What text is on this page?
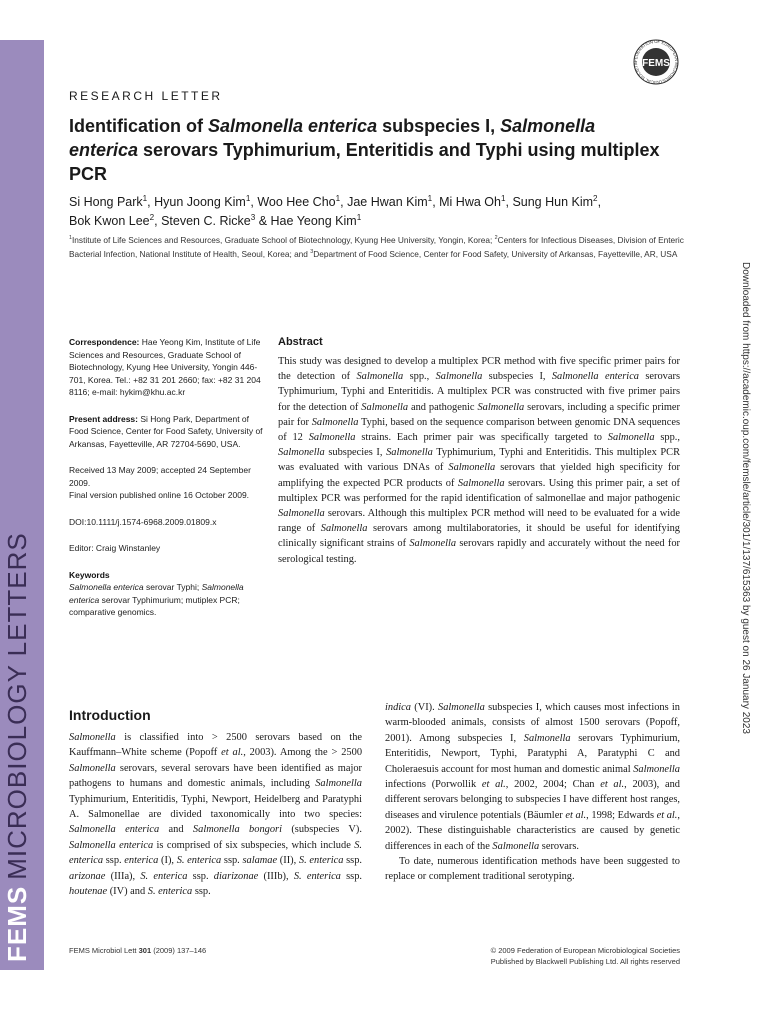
FEMSMICROBIOLOGY LETTERS
FEDERATION OF EUROPEAN MICROBIOLOGICAL SOCIETIE FEMS
RESEARCH LETTER
Identification of Salmonella enterica subspecies I, Salmonella enterica serovars Typhimurium, Enteritidis and Typhi using multiplex PCR
Si Hong Park$^1$, Hyun Joong Kim$^1$, Woo Hee Cho$^1$, Jae Hwan Kim$^1$, Mi Hwa Oh$^1$, Sung Hun Kim$^2$,
Bok Kwon Lee$^2$, Steven C. Ricke$^3$ & Hae Yeong Kim$^1$
$^1$Institute of Life Sciences and Resources, Graduate School of Biotechnology, Kyung Hee University, Yongin, Korea; $^2$Centers for Infectious Diseases, Division of Enteric Bacterial Infection, National Institute of Health, Seoul, Korea; and $^3$Department of Food Science, Center for Food Safety, University of Arkansas, Fayetteville, AR, USA
Downloaded from https://academic.oup.com/femsle/article/301/1/137/615363 by guest on 26 January 2023

Correspondence: Hae Yeong Kim, Institute of Life Sciences and Resources, Graduate School of Biotechnology, Kyung Hee University, Yongin 446-701, Korea. Tel.: +82 31 201 2660; fax: +82 31 204 8116; e-mail: hykim@khu.ac.kr

Present address: Si Hong Park, Department of Food Science, Center for Food Safety, University of Arkansas, Fayetteville, AR 72704-5690, USA.

Received 13 May 2009; accepted 24 September 2009.
Final version published online 16 October 2009.

DOI:10.1111/j.1574-6968.2009.01809.x

Editor: Craig Winstanley

Keywords
Salmonella enterica serovar Typhi; Salmonella enterica serovar Typhimurium; mutiplex PCR; comparative genomics.

Abstract
This study was designed to develop a multiplex PCR method with five specific primer pairs for the detection of Salmonella spp., Salmonella subspecies I, Salmonella enterica serovars Typhimurium, Typhi and Enteritidis. A multiplex PCR was constructed with five primer pairs for the detection of Salmonella and pathogenic Salmonella serovars, including a specific primer pair for Salmonella Typhi, based on the sequence comparison between genomic DNA sequences of 12 Salmonella strains. Each primer pair was specifically targeted to Salmonella spp., Salmonella subspecies I, Salmonella Typhimurium, Typhi and Enteritidis. This multiplex PCR was evaluated with various DNAs of Salmonella serovars that yielded high specificity for amplifying the expected PCR products of Salmonella serovars. Using this primer pair, a set of multiplex PCR was performed for the rapid identification of salmonellae and major pathogenic Salmonella serovars. Although this multiplex PCR method will need to be evaluated for a wide range of Salmonella serovars among multilaboratories, it should be useful for identifying clinically significant strains of Salmonella serovars rapidly and accurately without the need for serological testing.
Introduction
Salmonella is classified into > 2500 serovars based on the Kauffmann–White scheme (Popoff et al., 2003). Among the > 2500 Salmonella serovars, several serovars have been identified as major pathogens to humans and domestic animals, including Salmonella Typhimurium, Enteritidis, Typhi, Newport, Heidelberg and Paratyphi A. Salmonellae are divided taxonomically into two species: Salmonella enterica and Salmonella bongori (subspecies V). Salmonella enterica is comprised of six subspecies, which include S. enterica ssp. enterica (I), S. enterica ssp. salamae (II), S. enterica ssp. arizonae (IIIa), S. enterica ssp. diarizonae (IIIb), S. enterica ssp. houtenae (IV) and S. enterica ssp.
indica (VI). Salmonella subspecies I, which causes most infections in warm-blooded animals, consists of almost 1500 serovars (Popoff, 2001). Among subspecies I, Salmonella serovars Typhimurium, Enteritidis, Newport, Typhi, Paratyphi A, Paratyphi C and Choleraesuis account for most human and domestic animal Salmonella infections (Porwollik et al., 2002, 2004; Chan et al., 2003), and different serovars belonging to subspecies I have different host ranges, diseases and virulence potentials (Bäumler et al., 1998; Edwards et al., 2002). These distinguishable characteristics are caused by genetic differences in each of the Salmonella serovars.
To date, numerous identification methods have been suggested to replace or complement traditional serotyping.
FEMS Microbiol Lett 301 (2009) 137–146	© 2009 Federation of European Microbiological Societies
Published by Blackwell Publishing Ltd. All rights reserved
